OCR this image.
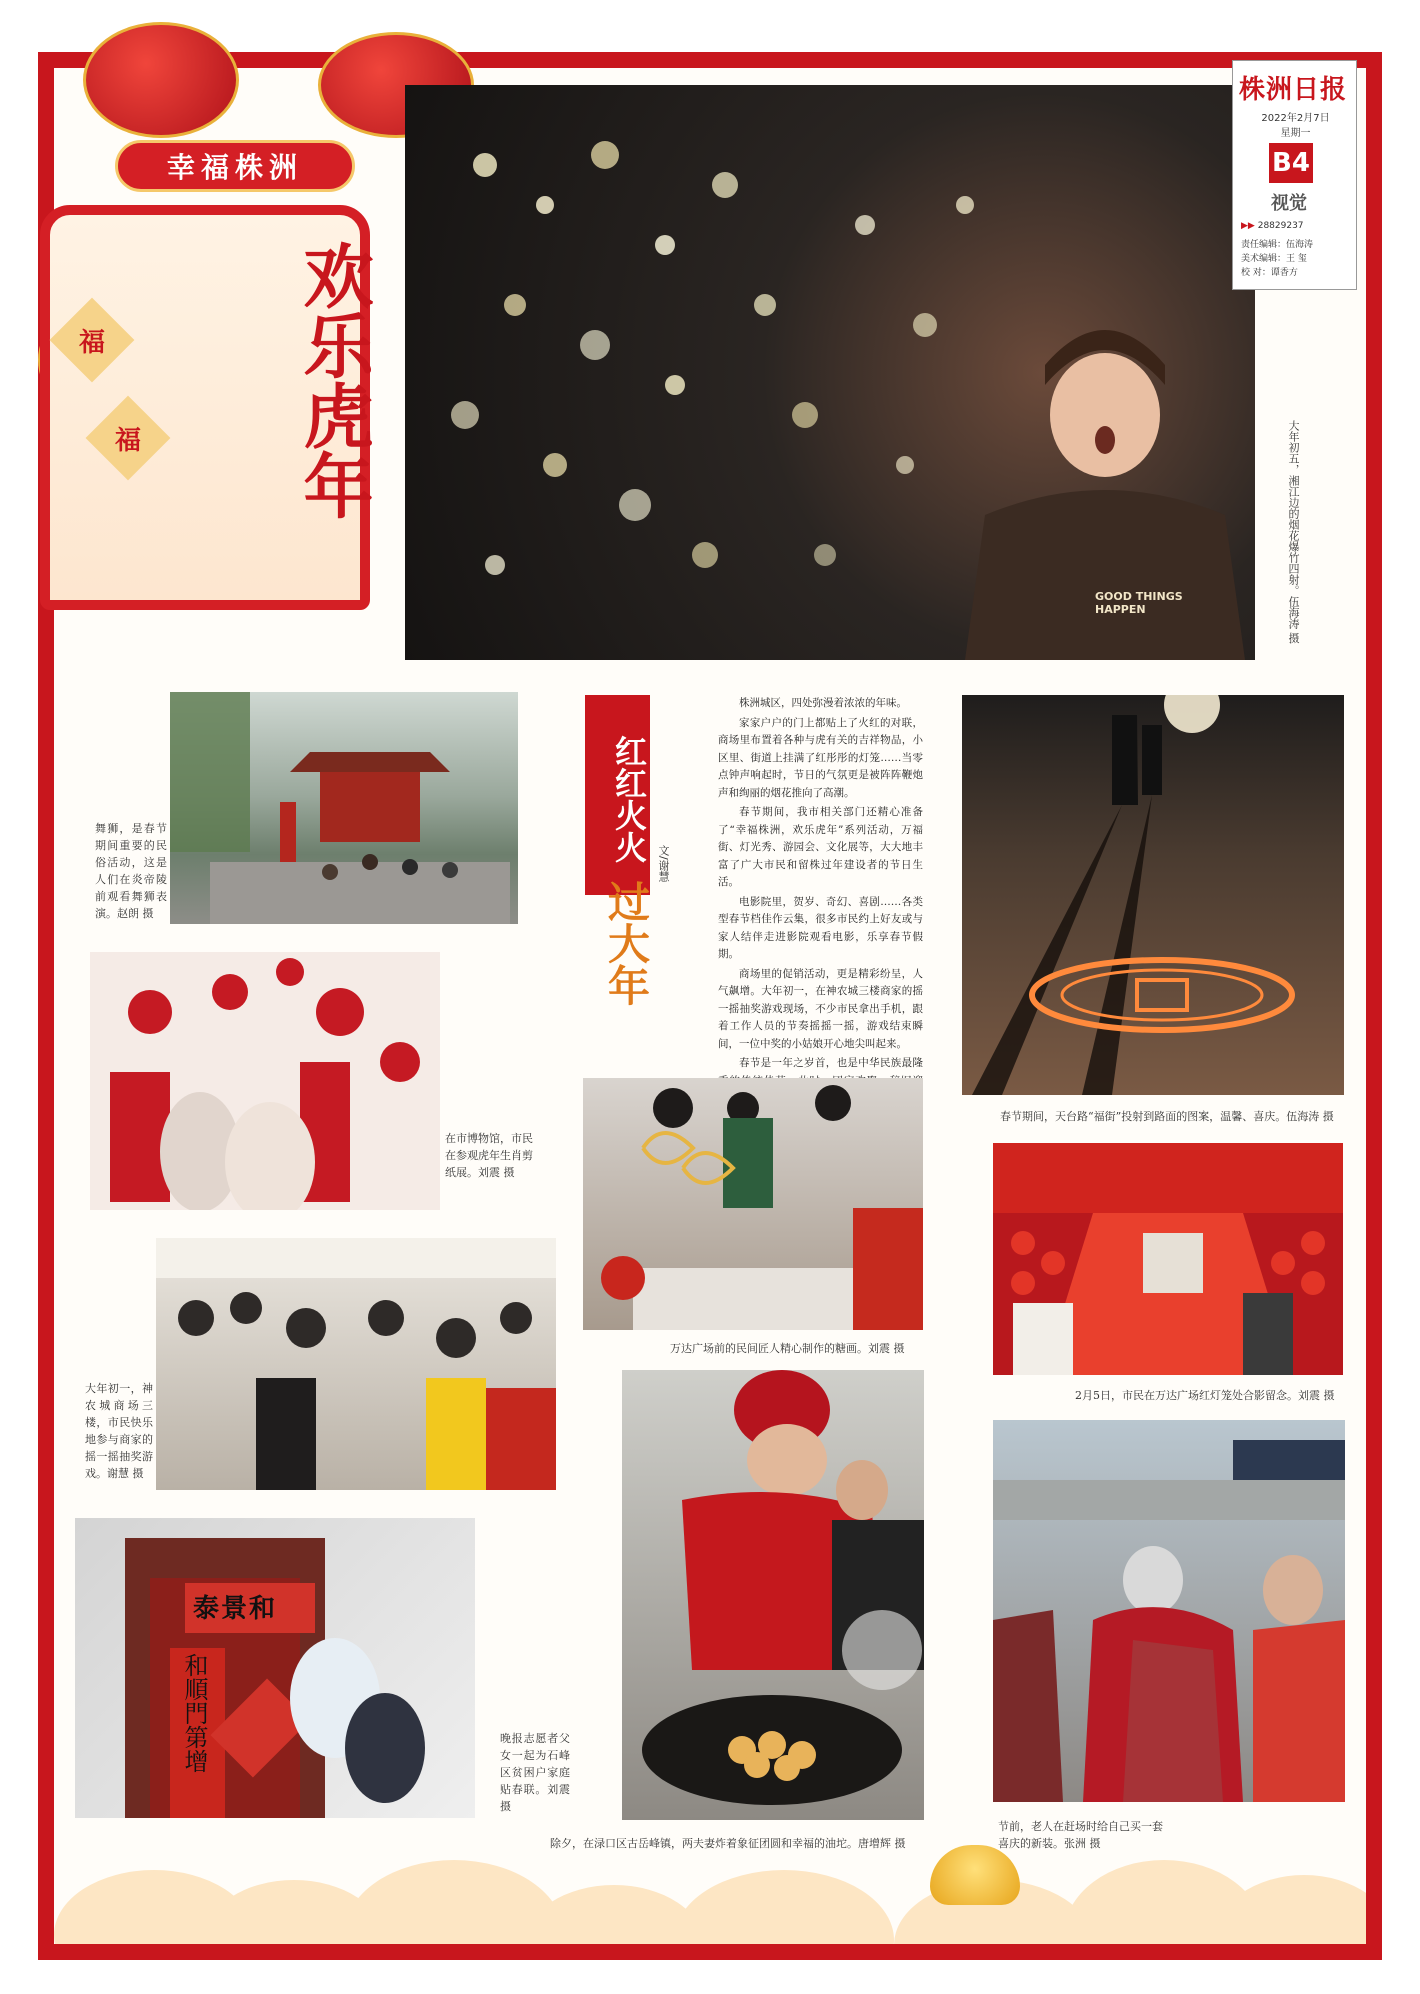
福
福
幸福株洲
欢乐虎年
GOOD THINGS HAPPEN	大年初五，湘江边的烟花爆竹四射。伍海涛 摄
株洲日报
2022年2月7日
星期一
B4
视觉
▶▶ 28829237
责任编辑：伍海涛
美术编辑：王 玺
校 对：谭香方
舞狮，是春节期间重要的民俗活动，这是人们在炎帝陵前观看舞狮表演。赵朗 摄
在市博物馆，市民在参观虎年生肖剪纸展。刘震 摄
大年初一，神农城商场三楼，市民快乐地参与商家的摇一摇抽奖游戏。谢慧 摄
泰景和
和順門第增	晚报志愿者父女一起为石峰区贫困户家庭贴春联。刘震 摄
红红火火
过大年
文/谢慧

株洲城区，四处弥漫着浓浓的年味。

家家户户的门上都贴上了火红的对联，商场里布置着各种与虎有关的吉祥物品，小区里、街道上挂满了红彤彤的灯笼……当零点钟声响起时，节日的气氛更是被阵阵鞭炮声和绚丽的烟花推向了高潮。

春节期间，我市相关部门还精心准备了“幸福株洲，欢乐虎年”系列活动，万福街、灯光秀、游园会、文化展等，大大地丰富了广大市民和留株过年建设者的节日生活。

电影院里，贺岁、奇幻、喜剧……各类型春节档佳作云集，很多市民约上好友或与家人结伴走进影院观看电影，乐享春节假期。

商场里的促销活动，更是精彩纷呈，人气飙增。大年初一，在神农城三楼商家的摇一摇抽奖游戏现场，不少市民拿出手机，跟着工作人员的节奏摇摇一摇，游戏结束瞬间，一位中奖的小姑娘开心地尖叫起来。

春节是一年之岁首，也是中华民族最隆

春节期间，天台路“福街”投射到路面的图案，温馨、喜庆。伍海涛 摄
万达广场前的民间匠人精心制作的糖画。刘震 摄
2月5日，市民在万达广场红灯笼处合影留念。刘震 摄
除夕，在渌口区古岳峰镇，两夫妻炸着象征团圆和幸福的油坨。唐增辉 摄
节前，老人在赶场时给自己买一套喜庆的新装。张洲 摄
